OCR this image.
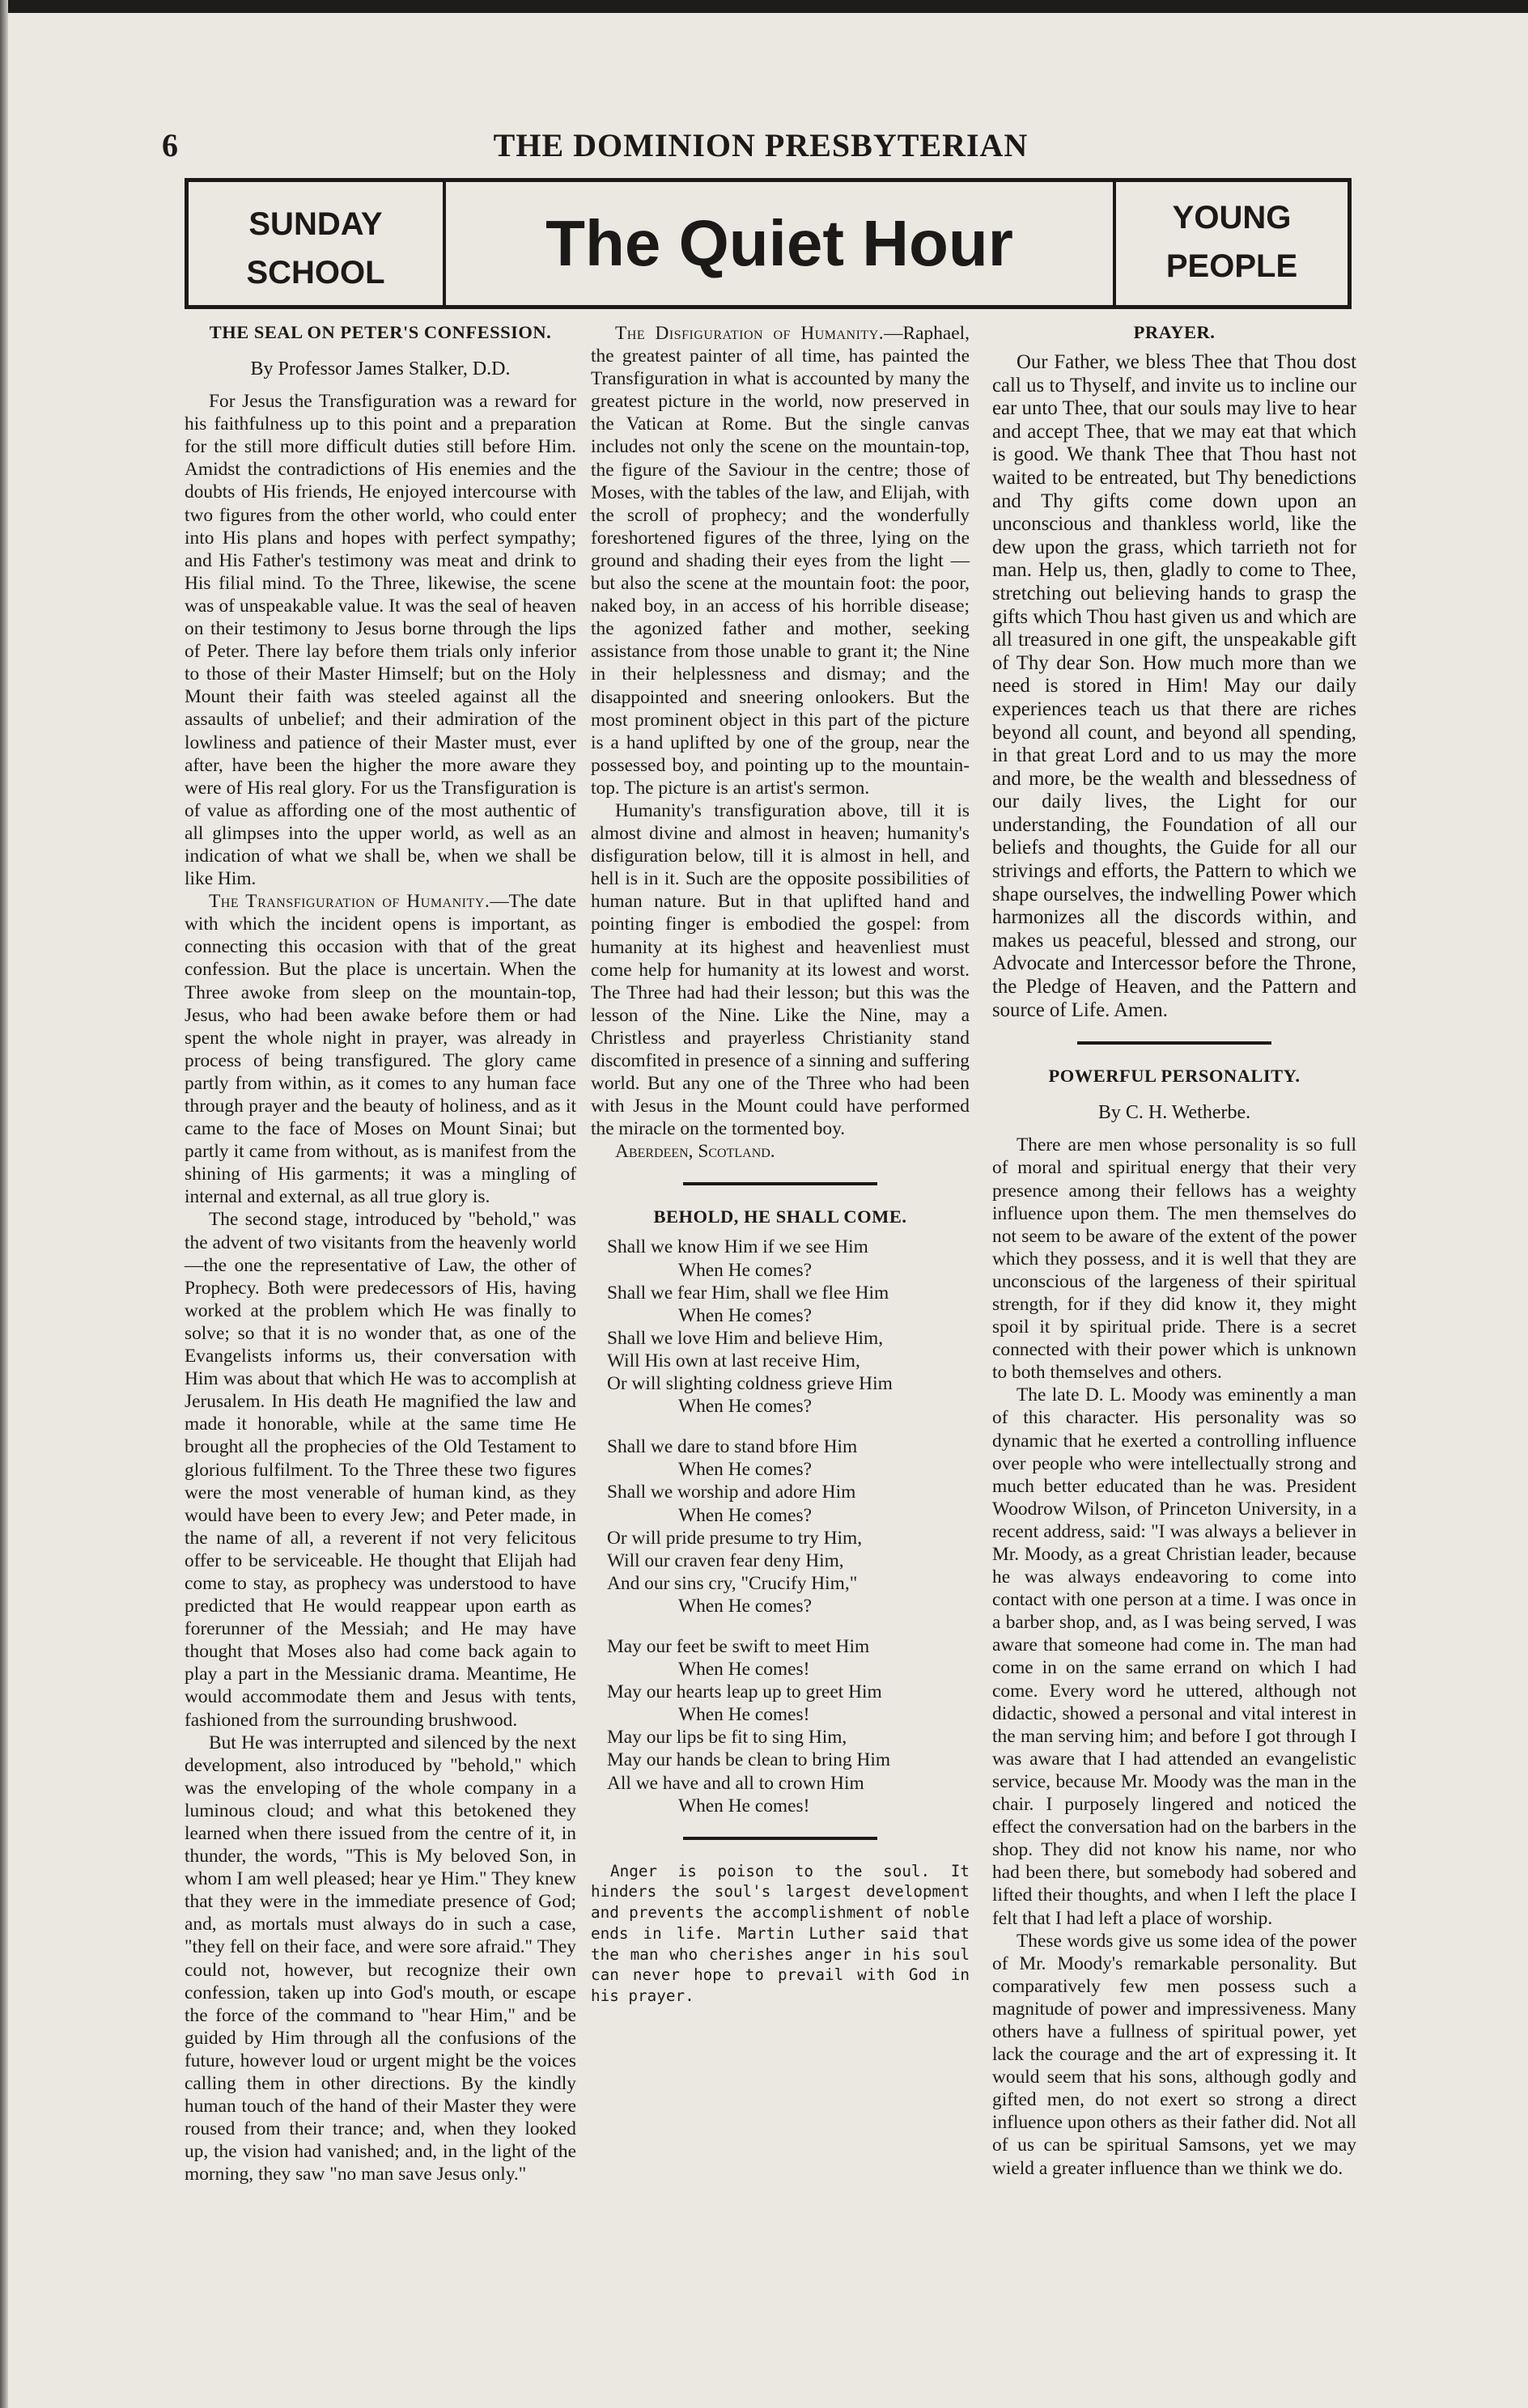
6	THE DOMINION PRESBYTERIAN
SUNDAY
SCHOOL	The Quiet Hour	YOUNG
PEOPLE
THE SEAL ON PETER'S CONFESSION.
By Professor James Stalker, D.D.

For Jesus the Transfiguration was a reward for his faithfulness up to this point and a preparation for the still more difficult duties still before Him. Amidst the contradictions of His enemies and the doubts of His friends, He enjoyed intercourse with two figures from the other world, who could enter into His plans and hopes with perfect sympathy; and His Father's testimony was meat and drink to His filial mind. To the Three, likewise, the scene was of unspeakable value. It was the seal of heaven on their testimony to Jesus borne through the lips of Peter. There lay before them trials only inferior to those of their Master Himself; but on the Holy Mount their faith was steeled against all the assaults of unbelief; and their admiration of the lowliness and patience of their Master must, ever after, have been the higher the more aware they were of His real glory. For us the Transfiguration is of value as affording one of the most authentic of all glimpses into the upper world, as well as an indication of what we shall be, when we shall be like Him.

The Transfiguration of Humanity.—The date with which the incident opens is important, as connecting this occasion with that of the great confession. But the place is uncertain. When the Three awoke from sleep on the mountain-top, Jesus, who had been awake before them or had spent the whole night in prayer, was already in process of being transfigured. The glory came partly from within, as it comes to any human face through prayer and the beauty of holiness, and as it came to the face of Moses on Mount Sinai; but partly it came from without, as is manifest from the shining of His garments; it was a mingling of internal and external, as all true glory is.

The second stage, introduced by "behold," was the advent of two visitants from the heavenly world—the one the representative of Law, the other of Prophecy. Both were predecessors of His, having worked at the problem which He was finally to solve; so that it is no wonder that, as one of the Evangelists informs us, their conversation with Him was about that which He was to accomplish at Jerusalem. In His death He magnified the law and made it honorable, while at the same time He brought all the prophecies of the Old Testament to glorious fulfilment. To the Three these two figures were the most venerable of human kind, as they would have been to every Jew; and Peter made, in the name of all, a reverent if not very felicitous offer to be serviceable. He thought that Elijah had come to stay, as prophecy was understood to have predicted that He would reappear upon earth as forerunner of the Messiah; and He may have thought that Moses also had come back again to play a part in the Messianic drama. Meantime, He would accommodate them and Jesus with tents, fashioned from the surrounding brushwood.

But He was interrupted and silenced by the next development, also introduced by "behold," which was the enveloping of the whole company in a luminous cloud; and what this betokened they learned when there issued from the centre of it, in thunder, the words, "This is My beloved Son, in whom I am well pleased; hear ye Him." They knew that they were in the immediate presence of God; and, as mortals must always do in such a case, "they fell on their face, and were sore afraid." They could not, however, but recognize their own confession, taken up into God's mouth, or escape the force of the command to "hear Him," and be guided by Him through all the confusions of the future, however loud or urgent might be the voices calling them in other directions. By the kindly human touch of the hand of their Master they were roused from their trance; and, when they looked up, the vision had vanished; and, in the light of the morning, they saw "no man save Jesus only."

PRAYER.

Our Father, we bless Thee that Thou dost call us to Thyself, and invite us to incline our ear unto Thee, that our souls may live to hear and accept Thee, that we may eat that which is good. We thank Thee that Thou hast not waited to be entreated, but Thy benedictions and Thy gifts come down upon an unconscious and thankless world, like the dew upon the grass, which tarrieth not for man. Help us, then, gladly to come to Thee, stretching out believing hands to grasp the gifts which Thou hast given us and which are all treasured in one gift, the unspeakable gift of Thy dear Son. How much more than we need is stored in Him! May our daily experiences teach us that there are riches beyond all count, and beyond all spending, in that great Lord and to us may the more and more, be the wealth and blessedness of our daily lives, the Light for our understanding, the Foundation of all our beliefs and thoughts, the Guide for all our strivings and efforts, the Pattern to which we shape ourselves, the indwelling Power which harmonizes all the discords within, and makes us peaceful, blessed and strong, our Advocate and Intercessor before the Throne, the Pledge of Heaven, and the Pattern and source of Life. Amen.

POWERFUL PERSONALITY.
By C. H. Wetherbe.

There are men whose personality is so full of moral and spiritual energy that their very presence among their fellows has a weighty influence upon them. The men themselves do not seem to be aware of the extent of the power which they possess, and it is well that they are unconscious of the largeness of their spiritual strength, for if they did know it, they might spoil it by spiritual pride. There is a secret connected with their power which is unknown to both themselves and others.

The late D. L. Moody was eminently a man of this character. His personality was so dynamic that he exerted a controlling influence over people who were intellectually strong and much better educated than he was. President Woodrow Wilson, of Princeton University, in a recent address, said: "I was always a believer in Mr. Moody, as a great Christian leader, because he was always endeavoring to come into contact with one person at a time. I was once in a barber shop, and, as I was being served, I was aware that someone had come in. The man had come in on the same errand on which I had come. Every word he uttered, although not didactic, showed a personal and vital interest in the man serving him; and before I got through I was aware that I had attended an evangelistic service, because Mr. Moody was the man in the chair. I purposely lingered and noticed the effect the conversation had on the barbers in the shop. They did not know his name, nor who had been there, but somebody had sobered and lifted their thoughts, and when I left the place I felt that I had left a place of worship.

These words give us some idea of the power of Mr. Moody's remarkable personality. But comparatively few men possess such a magnitude of power and impressiveness. Many others have a fullness of spiritual power, yet lack the courage and the art of expressing it. It would seem that his sons, although godly and gifted men, do not exert so strong a direct influence upon others as their father did. Not all of us can be spiritual Samsons, yet we may wield a greater influence than we think we do.

The Disfiguration of Humanity.—Raphael, the greatest painter of all time, has painted the Transfiguration in what is accounted by many the greatest picture in the world, now preserved in the Vatican at Rome. But the single canvas includes not only the scene on the mountain-top, the figure of the Saviour in the centre; those of Moses, with the tables of the law, and Elijah, with the scroll of prophecy; and the wonderfully foreshortened figures of the three, lying on the ground and shading their eyes from the light —but also the scene at the mountain foot: the poor, naked boy, in an access of his horrible disease; the agonized father and mother, seeking assistance from those unable to grant it; the Nine in their helplessness and dismay; and the disappointed and sneering onlookers. But the most prominent object in this part of the picture is a hand uplifted by one of the group, near the possessed boy, and pointing up to the mountain-top. The picture is an artist's sermon.

Humanity's transfiguration above, till it is almost divine and almost in heaven; humanity's disfiguration below, till it is almost in hell, and hell is in it. Such are the opposite possibilities of human nature. But in that uplifted hand and pointing finger is embodied the gospel: from humanity at its highest and heavenliest must come help for humanity at its lowest and worst. The Three had had their lesson; but this was the lesson of the Nine. Like the Nine, may a Christless and prayerless Christianity stand discomfited in presence of a sinning and suffering world. But any one of the Three who had been with Jesus in the Mount could have performed the miracle on the tormented boy.

Aberdeen, Scotland.

BEHOLD, HE SHALL COME.
Shall we know Him if we see Him
When He comes?
Shall we fear Him, shall we flee Him
When He comes?
Shall we love Him and believe Him,
Will His own at last receive Him,
Or will slighting coldness grieve Him
When He comes?
Shall we dare to stand bfore Him
When He comes?
Shall we worship and adore Him
When He comes?
Or will pride presume to try Him,
Will our craven fear deny Him,
And our sins cry, "Crucify Him,"
When He comes?
May our feet be swift to meet Him
When He comes!
May our hearts leap up to greet Him
When He comes!
May our lips be fit to sing Him,
May our hands be clean to bring Him
All we have and all to crown Him
When He comes!

Anger is poison to the soul. It hinders the soul's largest development and prevents the accomplishment of noble ends in life. Martin Luther said that the man who cherishes anger in his soul can never hope to prevail with God in his prayer.
